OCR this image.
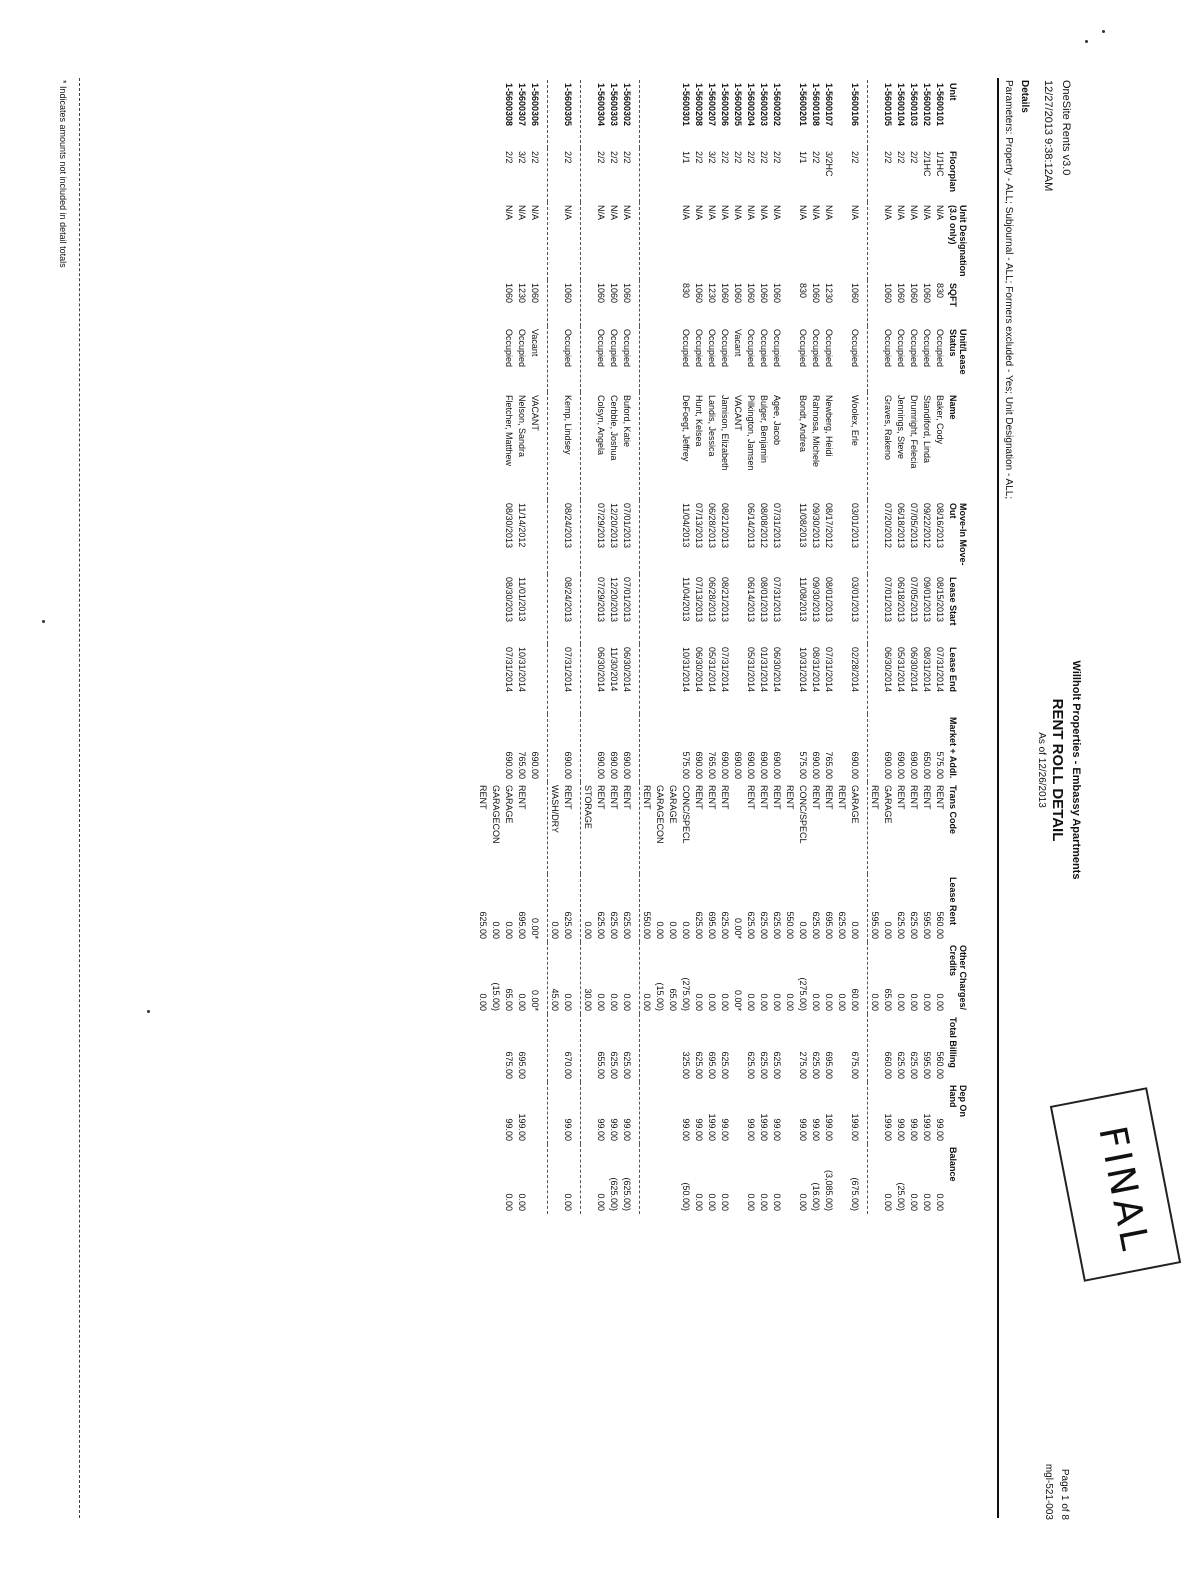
OneSite Rents v3.0
12/27/2013 9:38:12AM
Willholt Properties - Embassy Apartments
RENT ROLL DETAIL
As of 12/26/2013
FINAL
Page 1 of 8
mgl-521-003
Details
Parameters: Property - ALL; Subjournal - ALL; Formers excluded - Yes; Unit Designation - ALL;
Unit	Floorplan	Unit Designation (3.0 only)	SQFT	Unit/Lease Status	Name	Move-In Move-Out	Lease Start	Lease End	Market + Addl.	Trans Code	Lease Rent	Other Charges/ Credits	Total Billing	Dep On Hand	Balance
1-5600101	1/1HC	N/A	830	Occupied	Baker, Cody	08/16/2013	08/15/2013	07/31/2014	575.00	RENT	560.00	0.00	560.00	99.00	0.00
1-5600102	2/1HC	N/A	1060	Occupied	Standiford, Linda	09/22/2012	09/01/2013	08/31/2014	650.00	RENT	595.00	0.00	595.00	199.00	0.00
1-5600103	2/2	N/A	1060	Occupied	Drumright, Felecia	07/05/2013	07/05/2013	06/30/2014	690.00	RENT	625.00	0.00	625.00	99.00	0.00
1-5600104	2/2	N/A	1060	Occupied	Jennings, Steve	06/18/2013	06/18/2013	05/31/2014	690.00	RENT	625.00	0.00	625.00	99.00	(25.00)
1-5600105	2/2	N/A	1060	Occupied	Graves, Rakeno	07/20/2012	07/01/2013	06/30/2014	690.00	GARAGE	0.00	65.00	660.00	199.00	0.00
										RENT	595.00	0.00			

1-5600106	2/2	N/A	1060	Occupied	Woolex, Erle	03/01/2013	03/01/2013	02/28/2014	690.00	GARAGE	0.00	60.00	675.00	199.00	(675.00)
										RENT	625.00	0.00			
1-5600107	3/2HC	N/A	1230	Occupied	Newberg, Heidi	08/17/2012	08/01/2013	07/31/2014	765.00	RENT	695.00	0.00	695.00	199.00	(3,085.00)
1-5600108	2/2	N/A	1060	Occupied	Rahnosa, Michele	09/30/2013	09/30/2013	08/31/2014	690.00	RENT	625.00	0.00	625.00	99.00	(16.00)
1-5600201	1/1	N/A	830	Occupied	Bondt, Andrea	11/08/2013	11/08/2013	10/31/2014	575.00	CONC/SPECL	0.00	(275.00)	275.00	99.00	0.00
										RENT	550.00	0.00			
1-5600202	2/2	N/A	1060	Occupied	Agee, Jacob	07/31/2013	07/31/2013	06/30/2014	690.00	RENT	625.00	0.00	625.00	99.00	0.00
1-5600203	2/2	N/A	1060	Occupied	Bulger, Benjamin	08/08/2012	08/01/2013	01/31/2014	690.00	RENT	625.00	0.00	625.00	199.00	0.00
1-5600204	2/2	N/A	1060	Occupied	Pilkington, Jamsen	06/14/2013	06/14/2013	05/31/2014	690.00	RENT	625.00	0.00	625.00	99.00	0.00
1-5600205	2/2	N/A	1060	Vacant	VACANT				690.00		0.00*	0.00*			
1-5600206	2/2	N/A	1060	Occupied	Jamison, Elizabeth	08/21/2013	08/21/2013	07/31/2014	690.00	RENT	625.00	0.00	625.00	99.00	0.00
1-5600207	3/2	N/A	1230	Occupied	Landis, Jessica	06/28/2013	06/28/2013	05/31/2014	765.00	RENT	695.00	0.00	695.00	199.00	0.00
1-5600208	2/2	N/A	1060	Occupied	Hunt, Kelsea	07/13/2013	07/13/2013	06/30/2014	690.00	RENT	625.00	0.00	625.00	99.00	0.00
1-5600301	1/1	N/A	830	Occupied	DeFoegt, Jeffrey	11/04/2013	11/04/2013	10/31/2014	575.00	CONC/SPECL	0.00	(275.00)	325.00	99.00	(50.00)
										GARAGE	0.00	65.00			
										GARAGECON	0.00	(15.00)			
										RENT	550.00	0.00			

1-5600302	2/2	N/A	1060	Occupied	Buford, Katie	07/01/2013	07/01/2013	06/30/2014	690.00	RENT	625.00	0.00	625.00	99.00	(625.00)
1-5600303	2/2	N/A	1060	Occupied	Cerbble, Joshua	12/20/2013	12/20/2013	11/30/2014	690.00	RENT	625.00	0.00	625.00	99.00	(625.00)
1-5600304	2/2	N/A	1060	Occupied	Colsyn, Angela	07/29/2013	07/29/2013	06/30/2014	690.00	RENT	625.00	0.00	655.00	99.00	0.00
										STORAGE	0.00	30.00			

1-5600305	2/2	N/A	1060	Occupied	Kemp, Lindsey	08/24/2013	08/24/2013	07/31/2014	690.00	RENT	625.00	0.00	670.00	99.00	0.00
										WASH/DRY	0.00	45.00			

1-5600306	2/2	N/A	1060	Vacant	VACANT				690.00		0.00*	0.00*			
1-5600307	3/2	N/A	1230	Occupied	Nelson, Sandra	11/14/2012	11/01/2013	10/31/2014	765.00	RENT	695.00	0.00	695.00	199.00	0.00
1-5600308	2/2	N/A	1060	Occupied	Fletcher, Matthew	08/30/2013	08/30/2013	07/31/2014	690.00	GARAGE	0.00	65.00	675.00	99.00	0.00
										GARAGECON	0.00	(15.00)			
										RENT	625.00	0.00			
* Indicates amounts not included in detail totals
